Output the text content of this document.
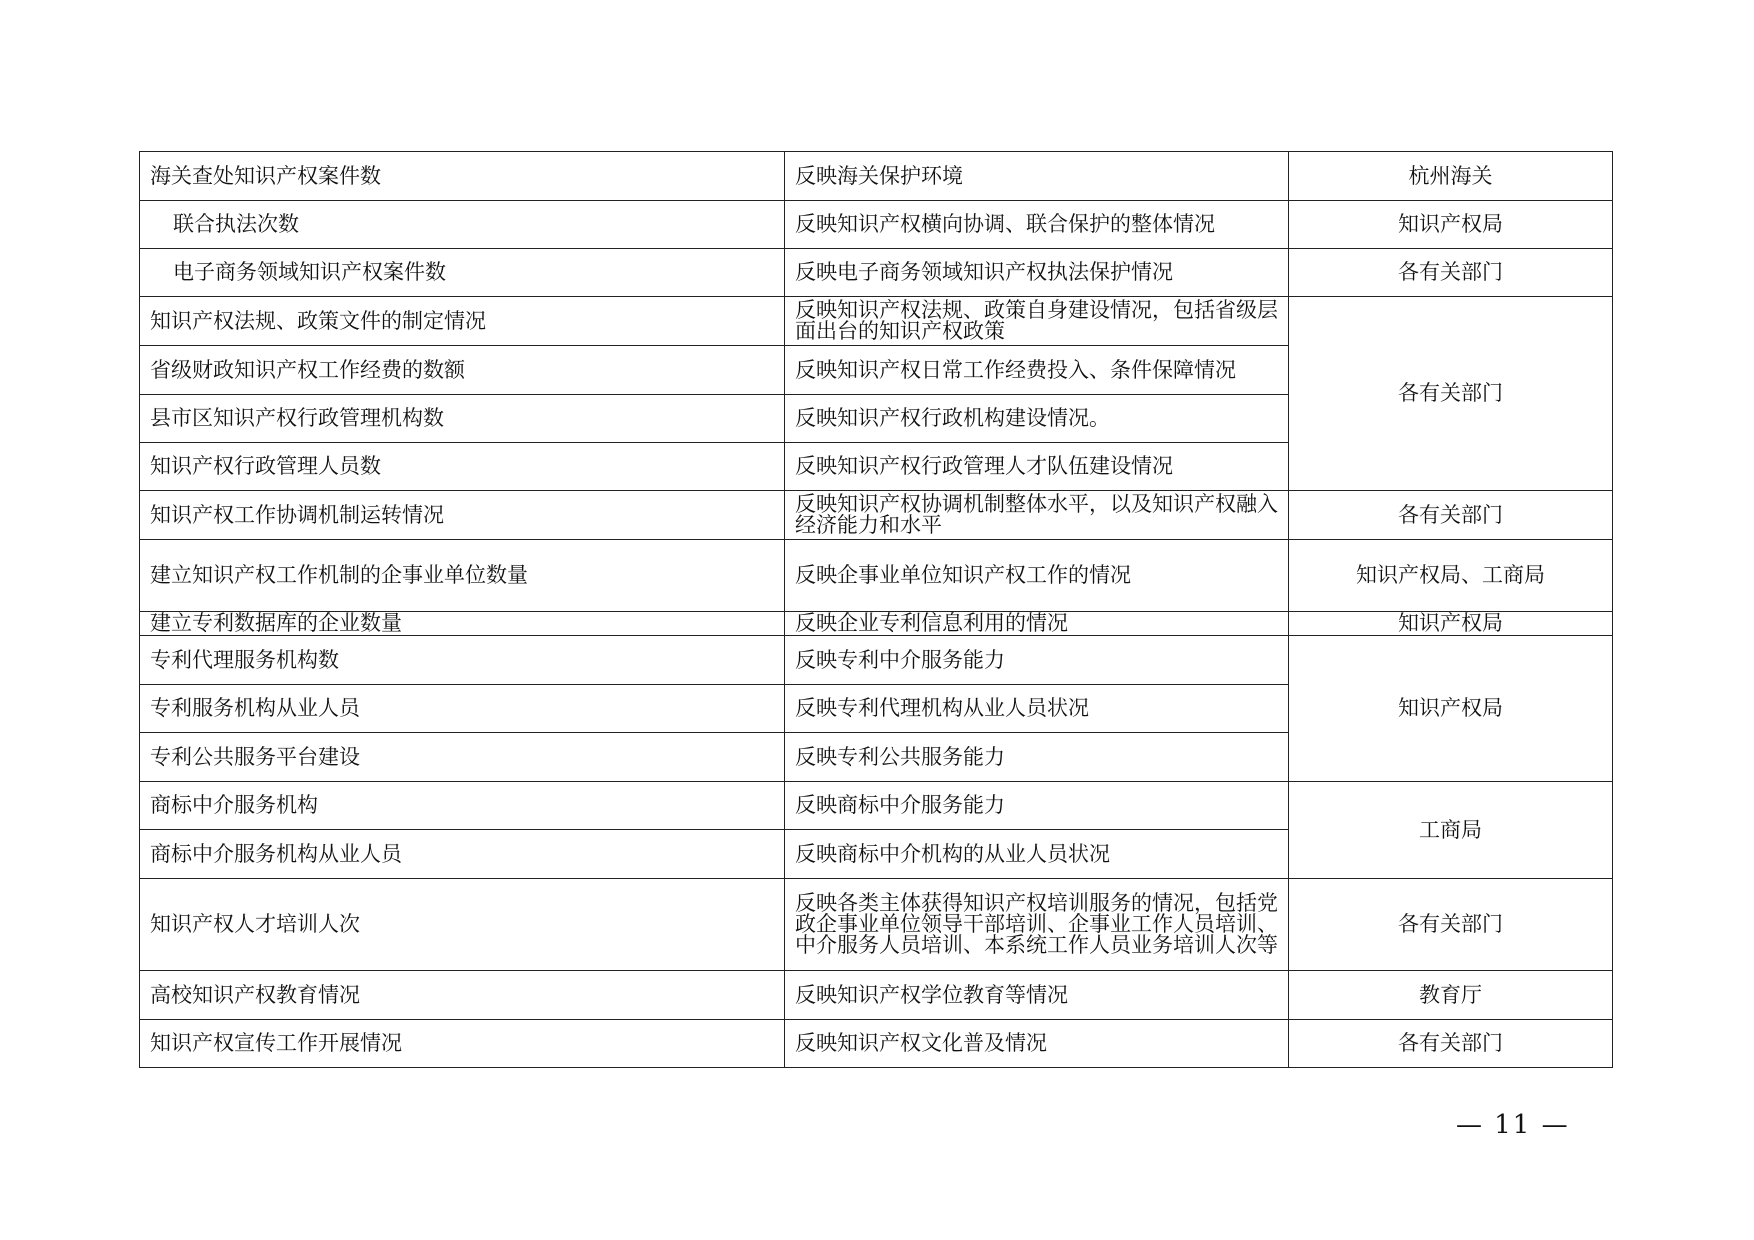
海关查处知识产权案件数	反映海关保护环境	杭州海关
联合执法次数	反映知识产权横向协调、联合保护的整体情况	知识产权局
电子商务领域知识产权案件数	反映电子商务领域知识产权执法保护情况	各有关部门
知识产权法规、政策文件的制定情况	反映知识产权法规、政策自身建设情况，包括省级层面出台的知识产权政策	各有关部门
省级财政知识产权工作经费的数额	反映知识产权日常工作经费投入、条件保障情况	
县市区知识产权行政管理机构数	反映知识产权行政机构建设情况。	
知识产权行政管理人员数	反映知识产权行政管理人才队伍建设情况	
知识产权工作协调机制运转情况	反映知识产权协调机制整体水平，以及知识产权融入经济能力和水平	各有关部门
建立知识产权工作机制的企事业单位数量	反映企事业单位知识产权工作的情况	知识产权局、工商局
建立专利数据库的企业数量	反映企业专利信息利用的情况	知识产权局
专利代理服务机构数	反映专利中介服务能力	知识产权局
专利服务机构从业人员	反映专利代理机构从业人员状况	
专利公共服务平台建设	反映专利公共服务能力	
商标中介服务机构	反映商标中介服务能力	工商局
商标中介服务机构从业人员	反映商标中介机构的从业人员状况	
知识产权人才培训人次	反映各类主体获得知识产权培训服务的情况，包括党政企事业单位领导干部培训、企事业工作人员培训、中介服务人员培训、本系统工作人员业务培训人次等	各有关部门
高校知识产权教育情况	反映知识产权学位教育等情况	教育厅
知识产权宣传工作开展情况	反映知识产权文化普及情况	各有关部门
— 11 —
